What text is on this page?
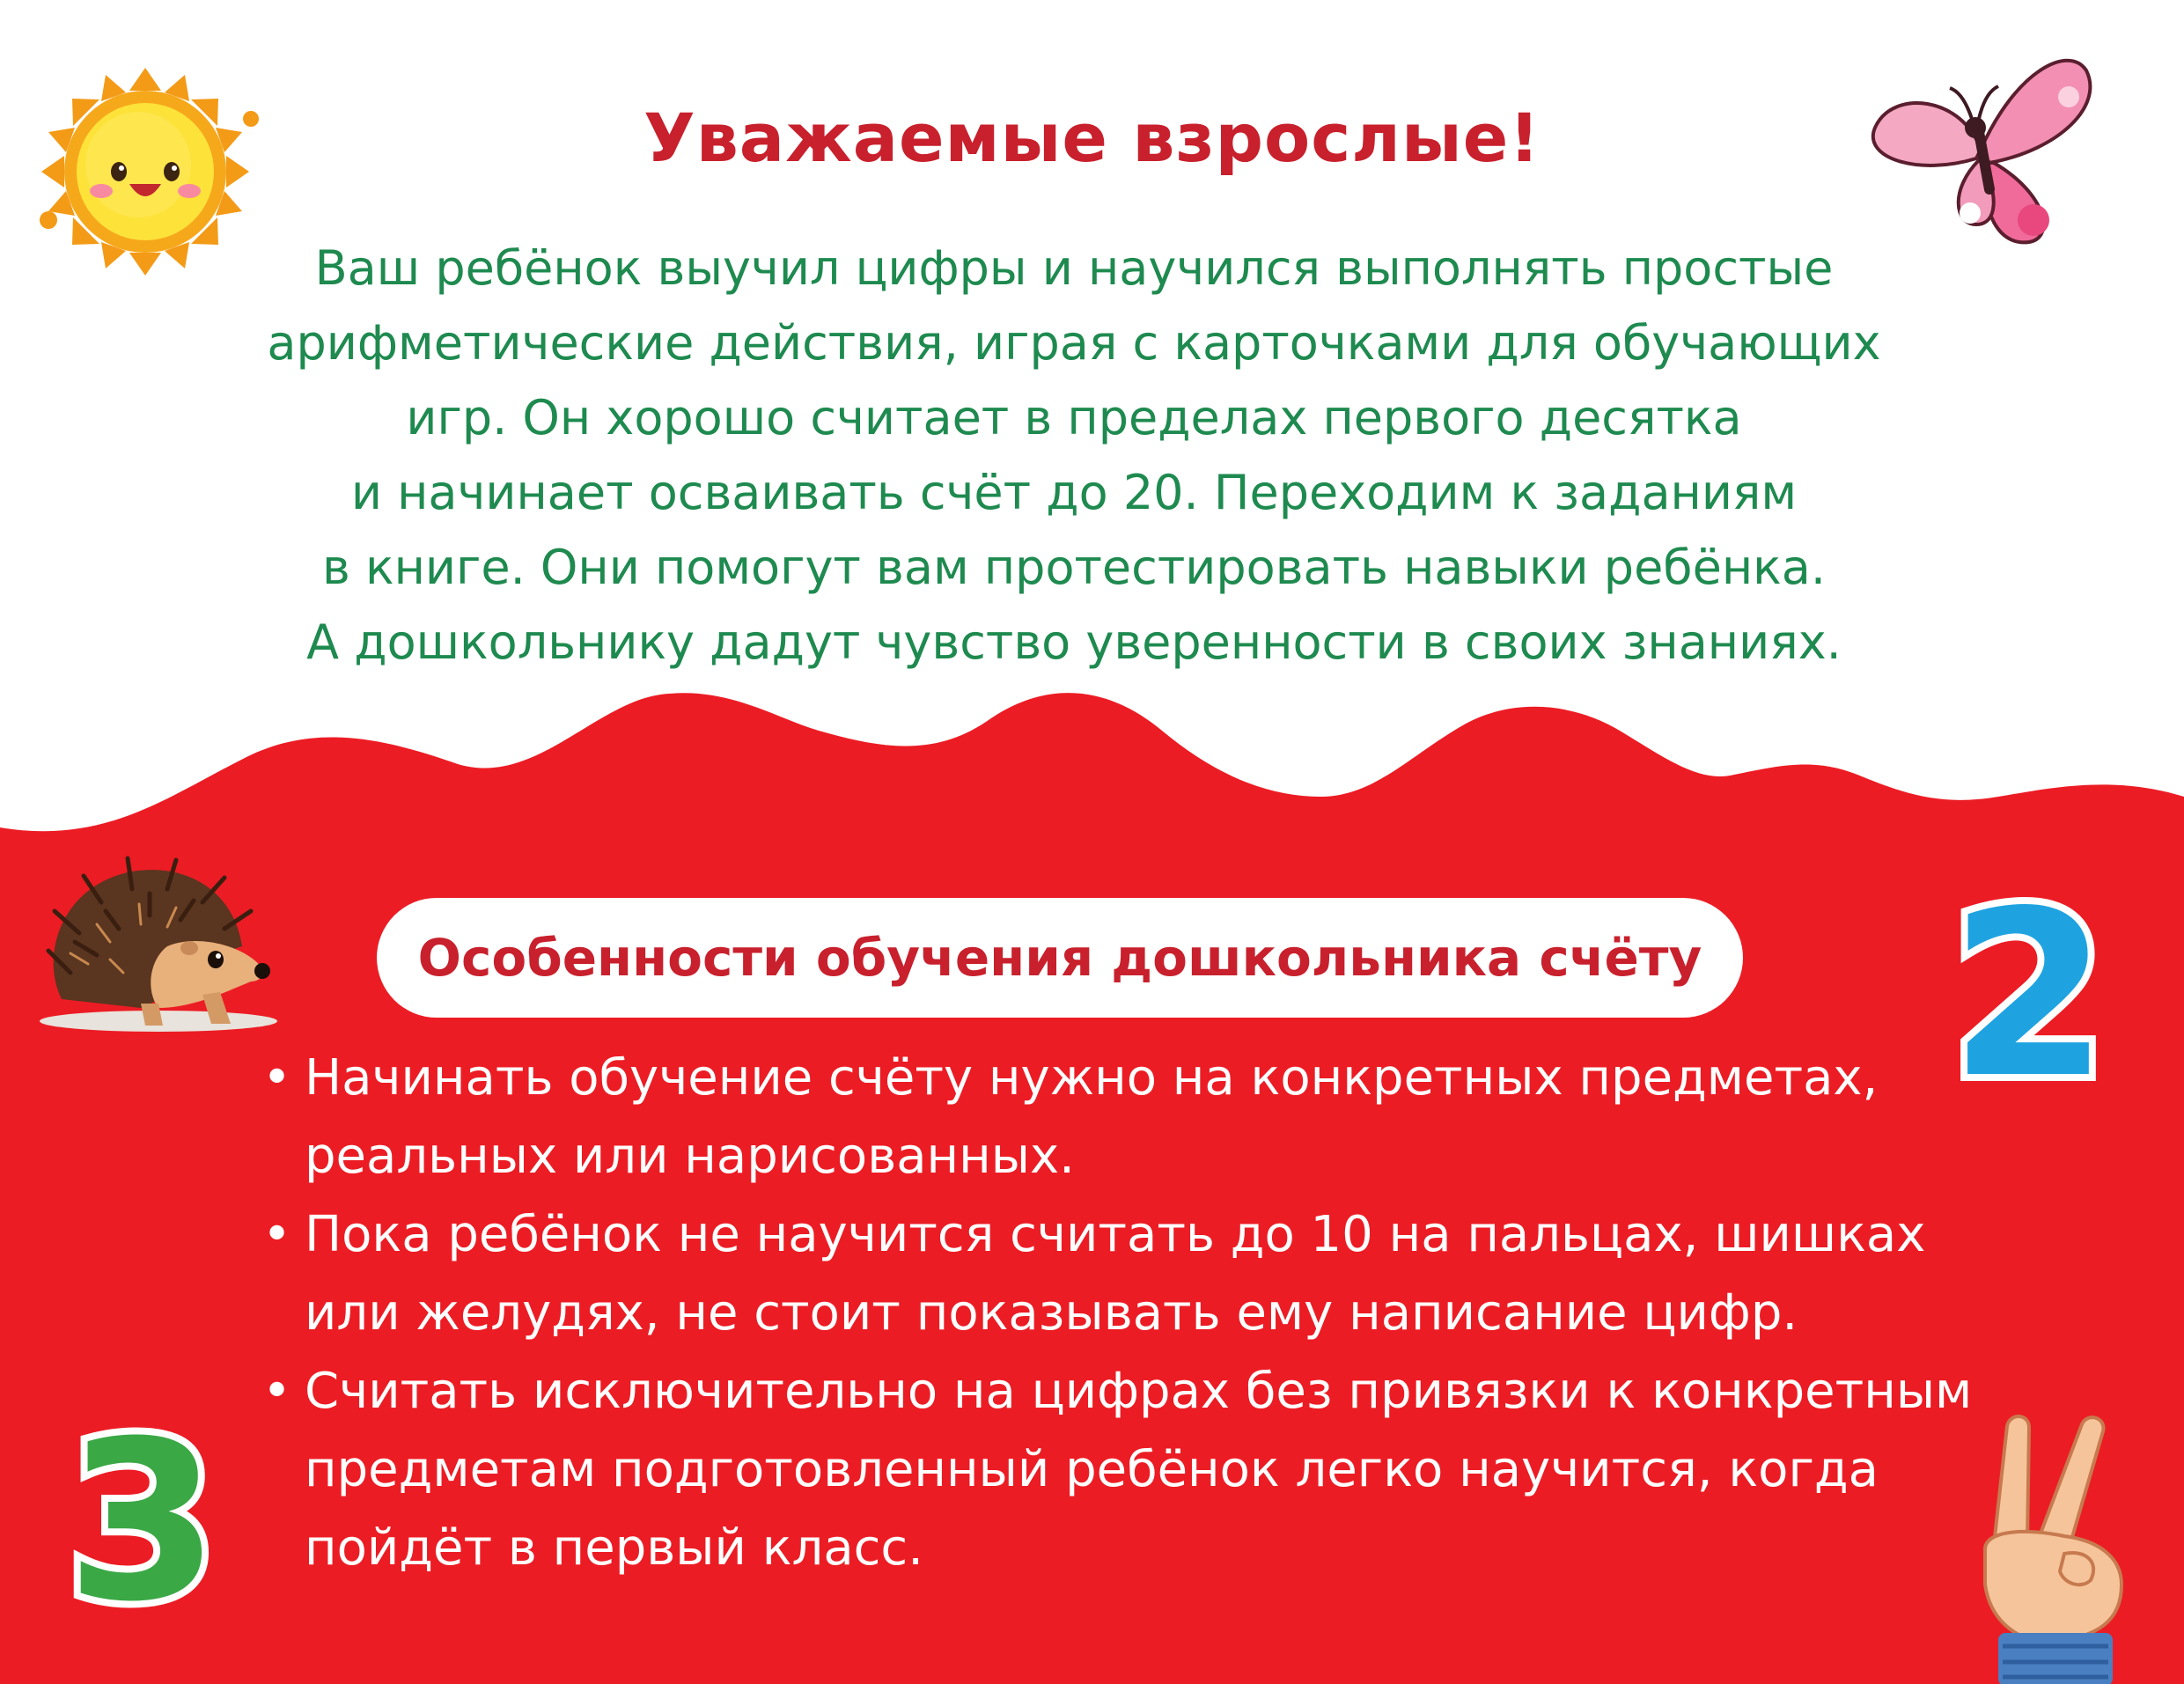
2
3
Уважаемые взрослые!

Ваш ребёнок выучил цифры и научился выполнять простые
арифметические действия, играя с карточками для обучающих
игр. Он хорошо считает в пределах первого десятка
и начинает осваивать счёт до 20. Переходим к заданиям
в книге. Они помогут вам протестировать навыки ребёнка.
А дошкольнику дадут чувство уверенности в своих знаниях.

Особенности обучения дошкольника счёту

• Начинать обучение счёту нужно на конкретных предметах,
реальных или нарисованных.
• Пока ребёнок не научится считать до 10 на пальцах, шишках
или желудях, не стоит показывать ему написание цифр.
• Считать исключительно на цифрах без привязки к конкретным
предметам подготовленный ребёнок легко научится, когда
пойдёт в первый класс.
